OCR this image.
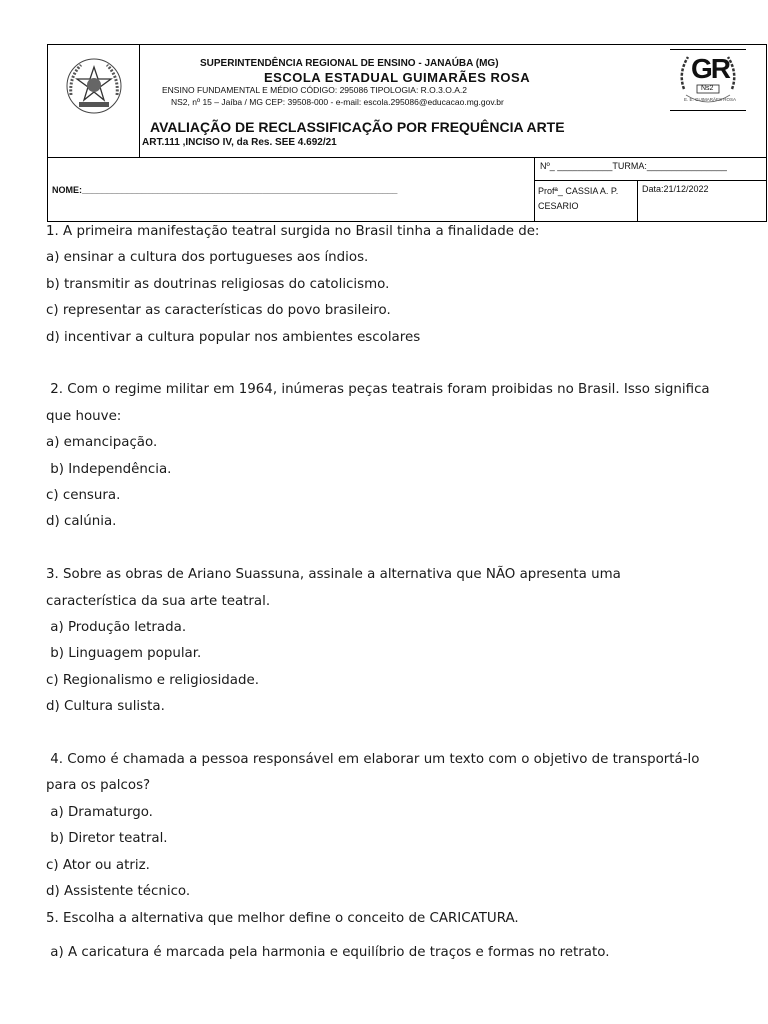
SUPERINTENDÊNCIA REGIONAL DE ENSINO - JANAÚBA (MG)
ESCOLA ESTADUAL GUIMARÃES ROSA
ENSINO FUNDAMENTAL E MÉDIO CÓDIGO: 295086 TIPOLOGIA: R.O.3.O.A.2
NS2, nº 15 – Jaíba / MG CEP: 39508-000 - e-mail: escola.295086@educacao.mg.gov.br
AVALIAÇÃO DE RECLASSIFICAÇÃO POR FREQUÊNCIA ARTE
ART.111 ,INCISO IV, da Res. SEE 4.692/21
GR
Ns2
E. E. GUIMARÃES ROSA
NOME:_______________________________________________________________
Nº_ ___________TURMA:________________
Profª_ CASSIA A. P. CESARIO
Data:21/12/2022

1. A primeira manifestação teatral surgida no Brasil tinha a finalidade de:

a) ensinar a cultura dos portugueses aos índios.

b) transmitir as doutrinas religiosas do catolicismo.

c) representar as características do povo brasileiro.

d) incentivar a cultura popular nos ambientes escolares

2. Com o regime militar em 1964, inúmeras peças teatrais foram proibidas no Brasil. Isso significa

que houve:

a) emancipação.

b) Independência.

c) censura.

d) calúnia.

3. Sobre as obras de Ariano Suassuna, assinale a alternativa que NÃO apresenta uma

característica da sua arte teatral.

a) Produção letrada.

b) Linguagem popular.

c) Regionalismo e religiosidade.

d) Cultura sulista.

4. Como é chamada a pessoa responsável em elaborar um texto com o objetivo de transportá-lo

para os palcos?

a) Dramaturgo.

b) Diretor teatral.

c) Ator ou atriz.

d) Assistente técnico.

5. Escolha a alternativa que melhor define o conceito de CARICATURA.

a) A caricatura é marcada pela harmonia e equilíbrio de traços e formas no retrato.
